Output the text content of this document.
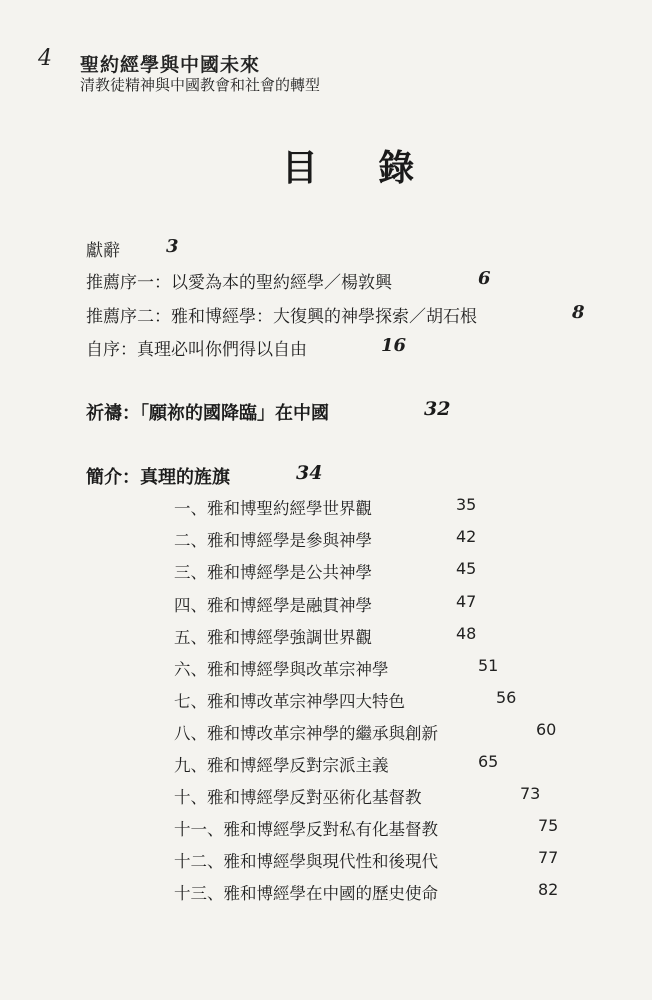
4 聖約經學與中國未來
清教徒精神與中國教會和社會的轉型
目 錄
獻辭	3
推薦序一：以愛為本的聖約經學／楊敦興	6
推薦序二：雅和博經學：大復興的神學探索／胡石根	8
自序：真理必叫你們得以自由	16
祈禱：「願祢的國降臨」在中國	32
簡介：真理的旌旗	34
一、雅和博聖約經學世界觀	35
二、雅和博經學是參與神學	42
三、雅和博經學是公共神學	45
四、雅和博經學是融貫神學	47
五、雅和博經學強調世界觀	48
六、雅和博經學與改革宗神學	51
七、雅和博改革宗神學四大特色	56
八、雅和博改革宗神學的繼承與創新	60
九、雅和博經學反對宗派主義	65
十、雅和博經學反對巫術化基督教	73
十一、雅和博經學反對私有化基督教	75
十二、雅和博經學與現代性和後現代	77
十三、雅和博經學在中國的歷史使命	82
